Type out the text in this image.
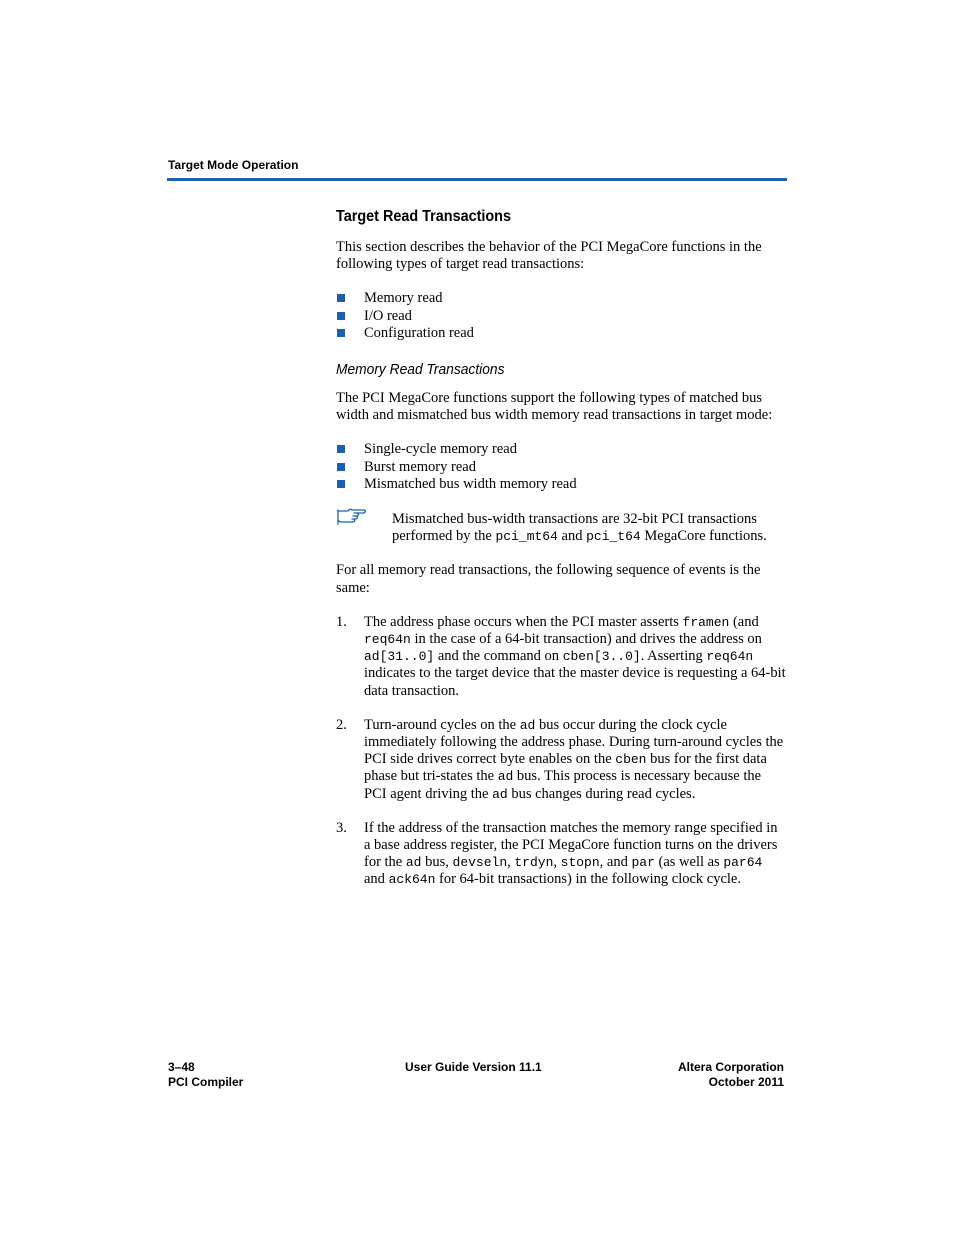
Target Mode Operation
Target Read Transactions

This section describes the behavior of the PCI MegaCore functions in the following types of target read transactions:

Memory read
I/O read
Configuration read
Memory Read Transactions

The PCI MegaCore functions support the following types of matched bus width and mismatched bus width memory read transactions in target mode:

Single-cycle memory read
Burst memory read
Mismatched bus width memory read
Mismatched bus-width transactions are 32-bit PCI transactions performed by the pci_mt64 and pci_t64 MegaCore functions.

For all memory read transactions, the following sequence of events is the same:

1. The address phase occurs when the PCI master asserts framen (and req64n in the case of a 64-bit transaction) and drives the address on ad[31..0] and the command on cben[3..0]. Asserting req64n indicates to the target device that the master device is requesting a 64-bit data transaction.
2. Turn-around cycles on the ad bus occur during the clock cycle immediately following the address phase. During turn-around cycles the PCI side drives correct byte enables on the cben bus for the first data phase but tri-states the ad bus. This process is necessary because the PCI agent driving the ad bus changes during read cycles.
3. If the address of the transaction matches the memory range specified in a base address register, the PCI MegaCore function turns on the drivers for the ad bus, devseln, trdyn, stopn, and par (as well as par64 and ack64n for 64-bit transactions) in the following clock cycle.
3–48
PCI Compiler
User Guide Version 11.1	Altera Corporation
October 2011
